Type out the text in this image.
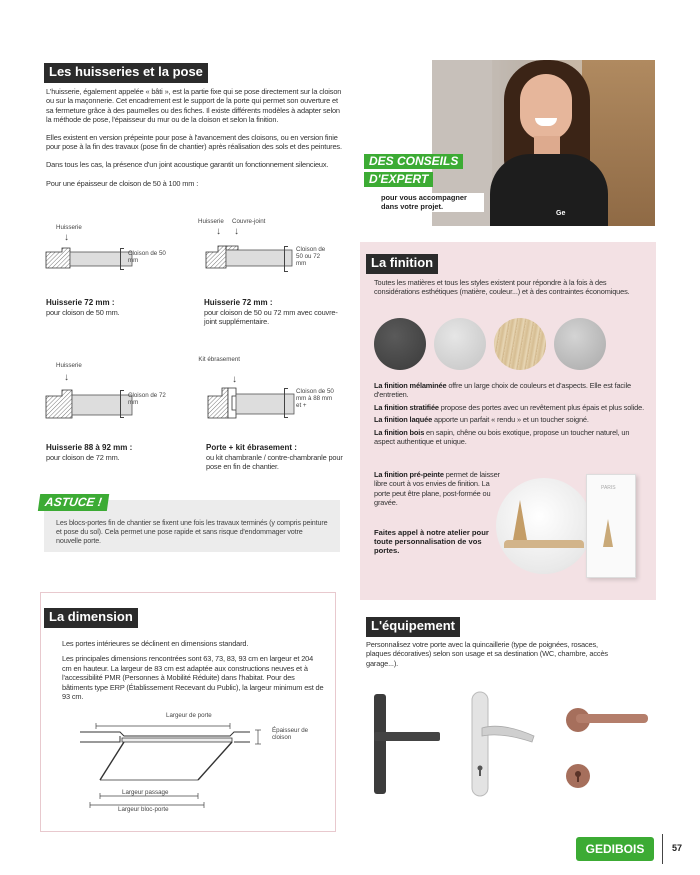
Les huisseries et la pose

L'huisserie, également appelée « bâti », est la partie fixe qui se pose directement sur la cloison ou sur la maçonnerie. Cet encadrement est le support de la porte qui permet son ouverture et sa fermeture grâce à des paumelles ou des fiches. Il existe différents modèles à adapter selon la méthode de pose, l'épaisseur du mur ou de la cloison et selon la finition.

Elles existent en version prépeinte pour pose à l'avancement des cloisons, ou en version finie pour pose à la fin des travaux (pose fin de chantier) après réalisation des sols et des peintures.

Dans tous les cas, la présence d'un joint acoustique garantit un fonctionnement silencieux.

Pour une épaisseur de cloison de 50 à 100 mm :

Huisserie
↓
Cloison de 50 mm
Huisserie 72 mm :
pour cloison de 50 mm.
Huisserie Couvre-joint
↓ ↓
Cloison de 50 ou 72 mm
Huisserie 72 mm :
pour cloison de 50 ou 72 mm avec couvre-joint supplémentaire.
Huisserie
↓
Cloison de 72 mm
Huisserie 88 à 92 mm :
pour cloison de 72 mm.
Kit ébrasement
↓
Cloison de 50 mm à 88 mm et +
Porte + kit ébrasement :
ou kit chambranle / contre-chambranle pour pose en fin de chantier.
ASTUCE !
Les blocs-portes fin de chantier se fixent une fois les travaux terminés (y compris peinture et pose du sol). Cela permet une pose rapide et sans risque d'endommager votre nouvelle porte.
La dimension

Les portes intérieures se déclinent en dimensions standard.

Les principales dimensions rencontrées sont 63, 73, 83, 93 cm en largeur et 204 cm en hauteur. La largeur de 83 cm est adaptée aux constructions neuves et à l'accessibilité PMR (Personnes à Mobilité Réduite) dans l'habitat. Pour des bâtiments type ERP (Établissement Recevant du Public), la largeur minimum est de 93 cm.

Largeur de porte
Épaisseur de cloison
Largeur passage
Largeur bloc-porte
Ge
DES CONSEILS
D'EXPERT
pour vous accompagner dans votre projet.
La finition
Toutes les matières et tous les styles existent pour répondre à la fois à des considérations esthétiques (matière, couleur...) et à des contraintes économiques.

La finition mélaminée offre un large choix de couleurs et d'aspects. Elle est facile d'entretien.

La finition stratifiée propose des portes avec un revêtement plus épais et plus solide.

La finition laquée apporte un parfait « rendu » et un toucher soigné.

La finition bois en sapin, chêne ou bois exotique, propose un toucher naturel, un aspect authentique et unique.

La finition pré-peinte permet de laisser libre court à vos envies de finition. La porte peut être plane, post-formée ou gravée.
Faites appel à notre atelier pour toute personnalisation de vos portes.
PARIS
L'équipement
Personnalisez votre porte avec la quincaillerie (type de poignées, rosaces, plaques décoratives) selon son usage et sa destination (WC, chambre, accès garage...).
GEDIBOIS	57
